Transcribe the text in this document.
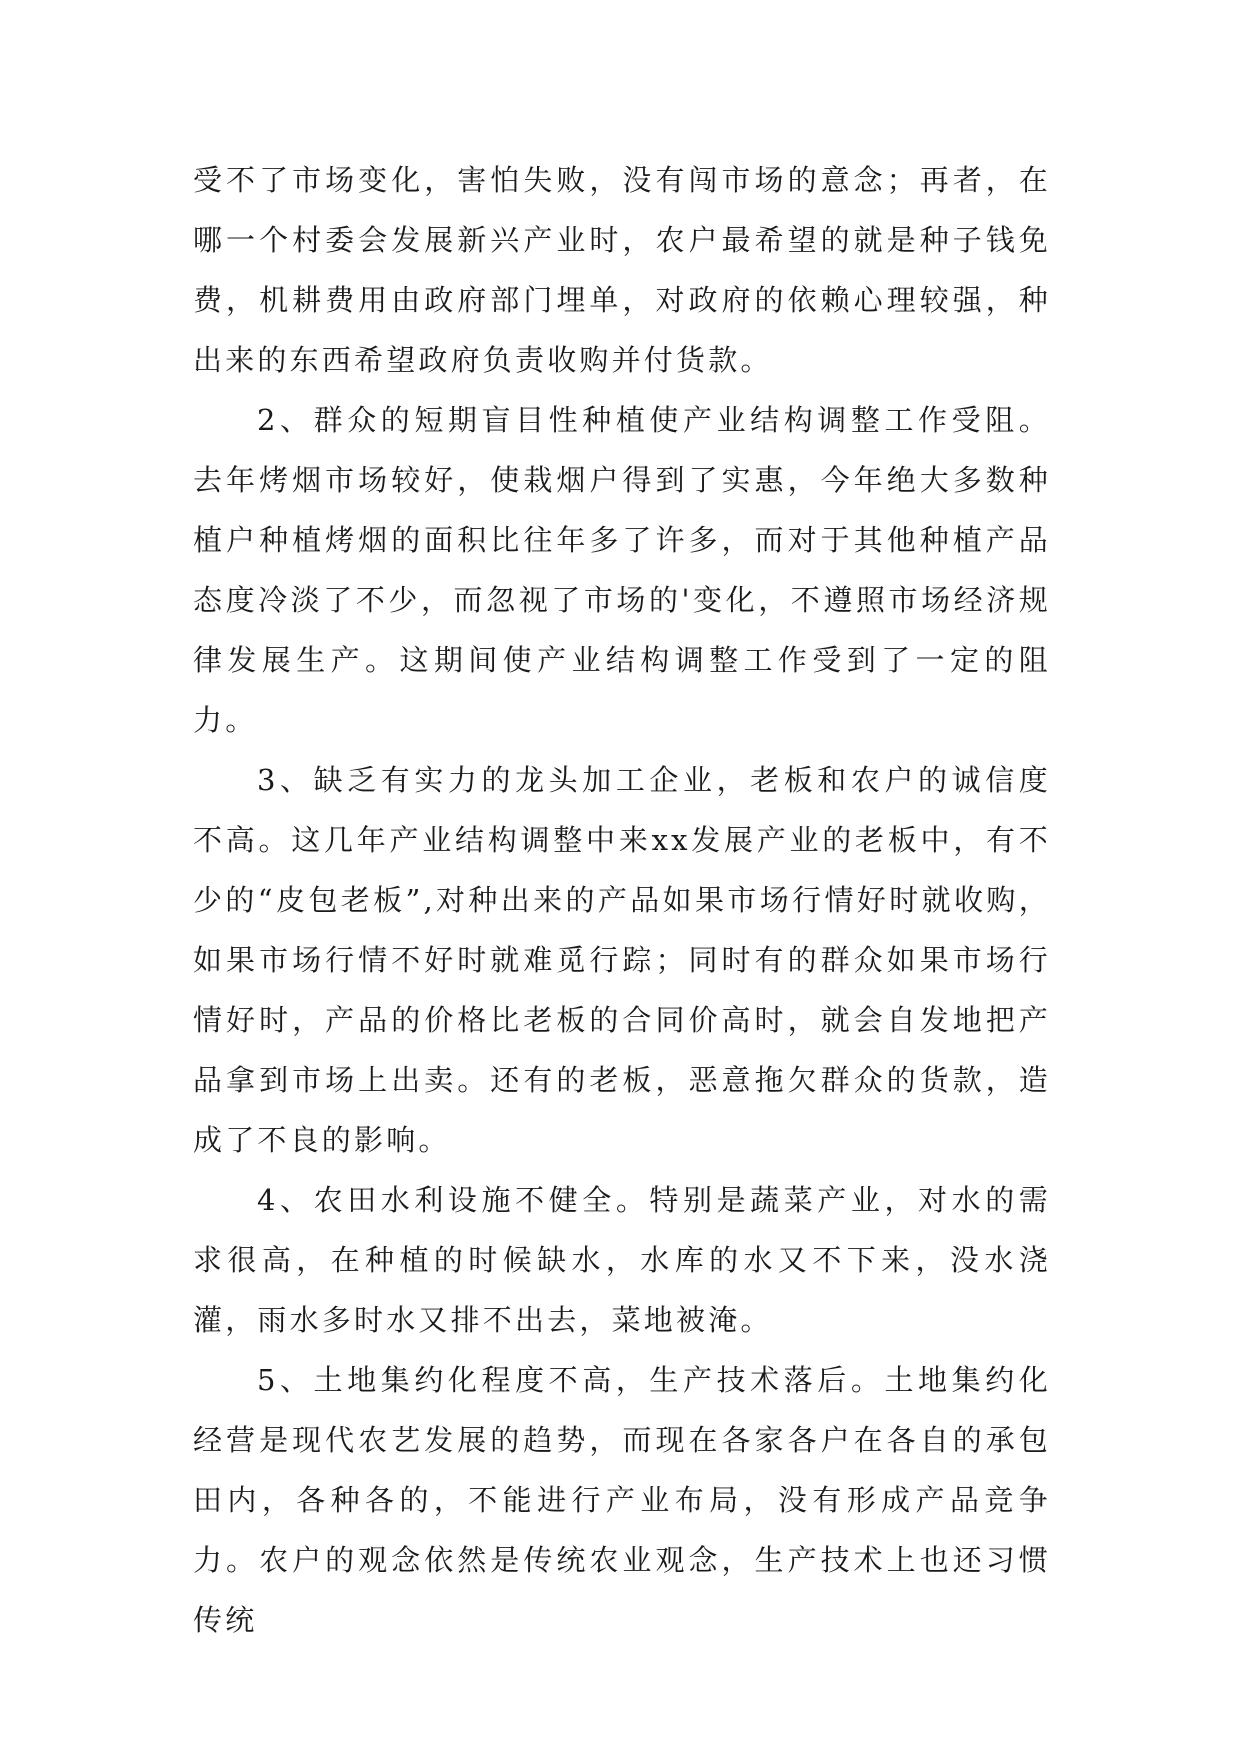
受不了市场变化，害怕失败，没有闯市场的意念；再者，在哪一个村委会发展新兴产业时，农户最希望的就是种子钱免费，机耕费用由政府部门埋单，对政府的依赖心理较强，种出来的东西希望政府负责收购并付货款。

2、群众的短期盲目性种植使产业结构调整工作受阻。去年烤烟市场较好，使栽烟户得到了实惠，今年绝大多数种植户种植烤烟的面积比往年多了许多，而对于其他种植产品态度冷淡了不少，而忽视了市场的'变化，不遵照市场经济规律发展生产。这期间使产业结构调整工作受到了一定的阻力。

3、缺乏有实力的龙头加工企业，老板和农户的诚信度不高。这几年产业结构调整中来xx发展产业的老板中，有不少的“皮包老板”,对种出来的产品如果市场行情好时就收购，如果市场行情不好时就难觅行踪；同时有的群众如果市场行情好时，产品的价格比老板的合同价高时，就会自发地把产品拿到市场上出卖。还有的老板，恶意拖欠群众的货款，造成了不良的影响。

4、农田水利设施不健全。特别是蔬菜产业，对水的需求很高，在种植的时候缺水，水库的水又不下来，没水浇灌，雨水多时水又排不出去，菜地被淹。

5、土地集约化程度不高，生产技术落后。土地集约化经营是现代农艺发展的趋势，而现在各家各户在各自的承包田内，各种各的，不能进行产业布局，没有形成产品竞争力。农户的观念依然是传统农业观念，生产技术上也还习惯传统
